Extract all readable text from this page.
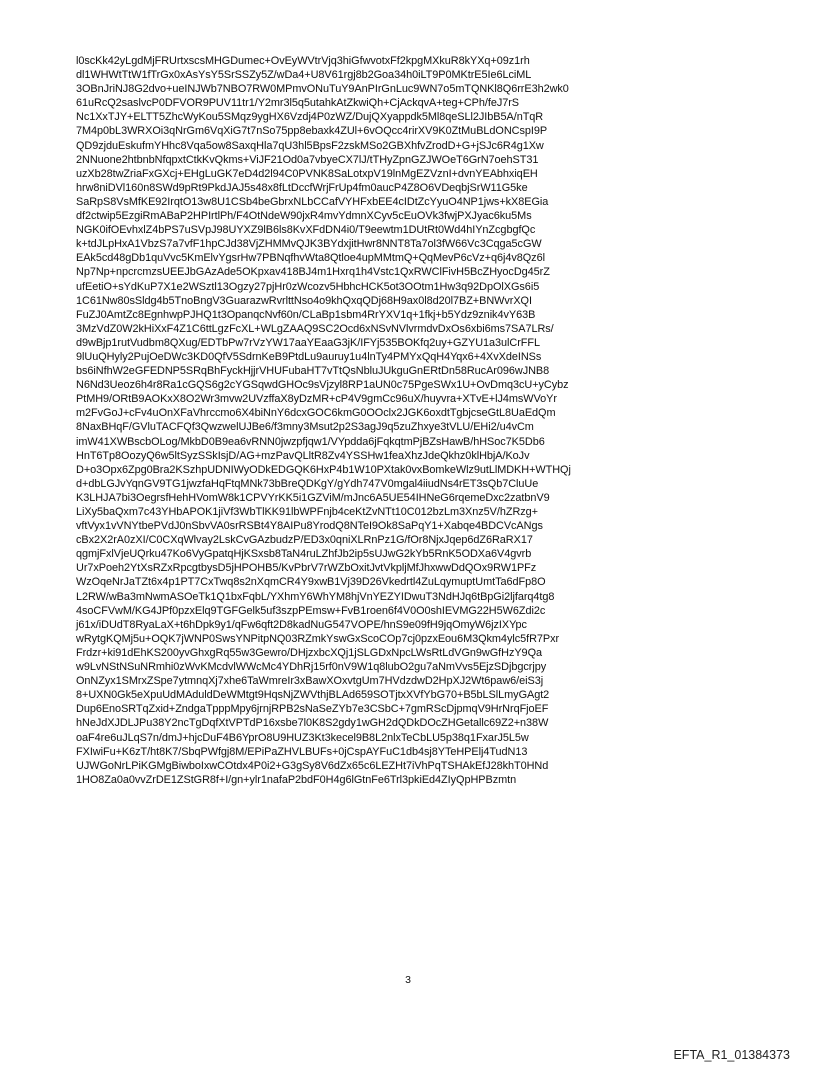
l0scKk42yLgdMjFRUrtxscsMHGDumec+OvEyWVtrVjq3hiGfwvotxFf2kpgMXkuR8kYXq+09z1rh
dl1WHWtTtW1fTrGx0xAsYsY5SrSSZy5Z/wDa4+U8V61rgj8b2Goa34h0iLT9P0MKtrE5Ie6LciML
3OBnJriNJ8G2dvo+ueINJWb7NBO7RW0MPmvONuTuY9AnPIrGnLuc9WN7o5mTQNKl8Q6rrE3h2wk0
61uRcQ2saslvcP0DFVOR9PUV11tr1/Y2mr3l5q5utahkAtZkwiQh+CjAckqvA+teg+CPh/feJ7rS
Nc1XxTJY+ELTT5ZhcWyKou5SMqz9ygHX6Vzdj4P0zWZ/DujQXyappdk5Ml8qeSLl2JIbB5A/nTqR
7M4p0bL3WRXOi3qNrGm6VqXiG7t7nSo75pp8ebaxk4ZUl+6vOQcc4rirXV9K0ZtMuBLdONCspI9P
QD9zjduEskufmYHhc8Vqa5ow8SaxqHla7qU3hl5BpsF2zskMSo2GBXhfvZrodD+G+jSJc6R4g1Xw
2NNuone2htbnbNfqpxtCtkKvQkms+ViJF21Od0a7vbyeCX7lJ/tTHyZpnGZJWOeT6GrN7oehST31
uzXb28twZriaFxGXcj+EHgLuGK7eD4d2l94C0PVNK8SaLotxpV19lnMgEZVznI+dvnYEAbhxiqEH
hrw8niDVl160n8SWd9pRt9PkdJAJ5s48x8fLtDccfWrjFrUp4fm0aucP4Z8O6VDeqbjSrW11G5ke
SaRpS8VsMfKE92IrqtO13w8U1CSb4beGbrxNLbCCafVYHFxbEE4cIDtZcYyuO4NP1jws+kX8EGia
df2ctwip5EzgiRmABaP2HPIrtlPh/F4OtNdeW90jxR4mvYdmnXCyv5cEuOVk3fwjPXJyac6ku5Ms
NGK0ifOEvhxlZ4bPS7uSVpJ98UYXZ9lB6ls8KvXFdDN4i0/T9eewtm1DUtRt0Wd4hIYnZcgbgfQc
k+tdJLpHxA1VbzS7a7vfF1hpCJd38VjZHMMvQJK3BYdxjitHwr8NNT8Ta7ol3fW66Vc3Cqga5cGW
EAk5cd48gDb1quVvc5KmElvYgsrHw7PBNqfhvWta8Qtloe4upMMtmQ+QqMevP6cVz+q6j4v8Qz6l
Np7Np+npcrcmzsUEEJbGAzAde5OKpxav418BJ4m1Hxrq1h4Vstc1QxRWClFivH5BcZHyocDg45rZ
ufEetiO+sYdKuP7X1e2WSztl13Ogzy27pjHr0zWcozv5HbhcHCK5ot3OOtm1Hw3q92DpOlXGs6i5
1C61Nw80sSldg4b5TnoBngV3GuarazwRvrlttNso4o9khQxqQDj68H9ax0l8d20l7BZ+BNWvrXQI
FuZJ0AmtZc8EgnhwpPJHQ1t3OpanqcNvf60n/CLaBp1sbm4RrYXV1q+1fkj+b5Ydz9znik4vY63B
3MzVdZ0W2kHiXxF4Z1C6ttLgzFcXL+WLgZAAQ9SC2Ocd6xNSvNVlvrmdvDxOs6xbi6ms7SA7LRs/
d9wBjp1rutVudbm8QXug/EDTbPw7rVzYW17aaYEaaG3jK/IFYj535BOKfq2uy+GZYU1a3ulCrFFL
9lUuQHyly2PujOeDWc3KD0QfV5SdrnKeB9PtdLu9auruy1u4lnTy4PMYxQqH4Yqx6+4XvXdeINSs
bs6iNfhW2eGFEDNP5SRqBhFyckHjjrVHUFubaHT7vTtQsNbluJUkguGnERtDn58RucAr096wJNB8
N6Nd3Ueoz6h4r8Ra1cGQS6g2cYGSqwdGHOc9sVjzyl8RP1aUN0c75PgeSWx1U+OvDmq3cU+yCybz
PtMH9/ORtB9AOKxX8O2Wr3mvw2UVzffaX8yDzMR+cP4V9gmCc96uX/huyvra+XTvE+lJ4msWVoYr
m2FvGoJ+cFv4uOnXFaVhrccmo6X4biNnY6dcxGOC6kmG0OOclx2JGK6oxdtTgbjcseGtL8UaEdQm
8NaxBHqF/GVluTACFQf3QwzwelUJBe6/f3mny3Msut2p2S3agJ9q5zuZhxye3tVLU/EHi2/u4vCm
imW41XWBscbOLog/MkbD0B9ea6vRNN0jwzpfjqw1/VYpdda6jFqkqtmPjBZsHawB/hHSoc7K5Db6
HnT6Tp8OozyQ6w5ltSyzSSkIsjD/AG+mzPavQLltR8Zv4YSSHw1feaXhzJdeQkhz0klHbjA/KoJv
D+o3Opx6Zpg0Bra2KSzhpUDNIWyODkEDGQK6HxP4b1W10PXtak0vxBomkeWlz9utLlMDKH+WTHQj
d+dbLGJvYqnGV9TG1jwzfaHqFtqMNk73bBreQDKgY/gYdh747V0mgal4iiudNs4rET3sQb7CluUe
K3LHJA7bi3OegrsfHehHVomW8k1CPVYrKK5i1GZViM/mJnc6A5UE54IHNeG6rqemeDxc2zatbnV9
LiXy5baQxm7c43YHbAPOK1jiVf3WbTlKK91lbWPFnjb4ceKtZvNTt10C012bzLm3Xnz5V/hZRzg+
vftVyx1vVNYtbePVdJ0nSbvVA0srRSBt4Y8AIPu8YrodQ8NTeI9Ok8SaPqY1+Xabqe4BDCVcANgs
cBx2X2rA0zXI/C0CXqWlvay2LskCvGAzbudzP/ED3x0qniXLRnPz1G/fOr8NjxJqep6dZ6RaRX17
qgmjFxlVjeUQrku47Ko6VyGpatqHjKSxsb8TaN4ruLZhfJb2ip5sUJwG2kYb5RnK5ODXa6V4gvrb
Ur7xPoeh2YtXsRZxRpcgtbysD5jHPOHB5/KvPbrV7rWZbOxitJvtVkpljMfJhxwwDdQOx9RW1PFz
WzOqeNrJaTZt6x4p1PT7CxTwq8s2nXqmCR4Y9xwB1Vj39D26Vkedrtl4ZuLqymuptUmtTa6dFp8O
L2RW/wBa3mNwmASOeTk1Q1bxFqbL/YXhmY6WhYM8hjVnYEZYIDwuT3NdHJq6tBpGi2ljfarq4tg8
4soCFVwM/KG4JPf0pzxElq9TGFGelk5uf3szpPEmsw+FvB1roen6f4V0O0shIEVMG22H5W6Zdi2c
j61x/iDUdT8RyaLaX+t6hDpk9y1/qFw6qft2D8kadNuG547VOPE/hnS9e09fH9jqOmyW6jzIXYpc
wRytgKQMj5u+OQK7jWNP0SwsYNPitpNQ03RZmkYswGxScoCOp7cj0pzxEou6M3Qkm4ylc5fR7Pxr
Frdzr+ki91dEhKS200yvGhxgRq55w3Gewro/DHjzxbcXQj1jSLGDxNpcLWsRtLdVGn9wGfHzY9Qa
w9LvNStNSuNRmhi0zWvKMcdvlWWcMc4YDhRj15rf0nV9W1q8lubO2gu7aNmVvs5EjzSDjbgcrjpy
OnNZyx1SMrxZSpe7ytmnqXj7xhe6TaWmreIr3xBawXOxvtgUm7HVdzdwD2HpXJ2Wt6paw6/eiS3j
8+UXN0Gk5eXpuUdMAduldDeWMtgt9HqsNjZWVthjBLAd659SOTjtxXVfYbG70+B5bLSlLmyGAgt2
Dup6EnoSRTqZxid+ZndgaTpppMpy6jrnjRPB2sNaSeZYb7e3CSbC+7gmRScDjpmqV9HrNrqFjoEF
hNeJdXJDLJPu38Y2ncTgDqfXtVPTdP16xsbe7l0K8S2gdy1wGH2dQDkDOcZHGetallc69Z2+n38W
oaF4re6uJLqS7n/dmJ+hjcDuF4B6YprO8U9HUZ3Kt3kecel9B8L2nlxTeCbLU5p38q1FxarJ5L5w
FXIwiFu+K6zT/ht8K7/SbqPWfgj8M/EPiPaZHVLBUFs+0jCspAYFuC1db4sj8YTeHPElj4TudN13
UJWGoNrLPiKGMgBiwboIxwCOtdx4P0i2+G3gSy8V6dZx65c6LEZHt7iVhPqTSHAkEfJ28khT0HNd
1HO8Za0a0vvZrDE1ZStGR8f+I/gn+ylr1nafaP2bdF0H4g6lGtnFe6Trl3pkiEd4ZIyQpHPBzmtn
3
EFTA_R1_01384373
